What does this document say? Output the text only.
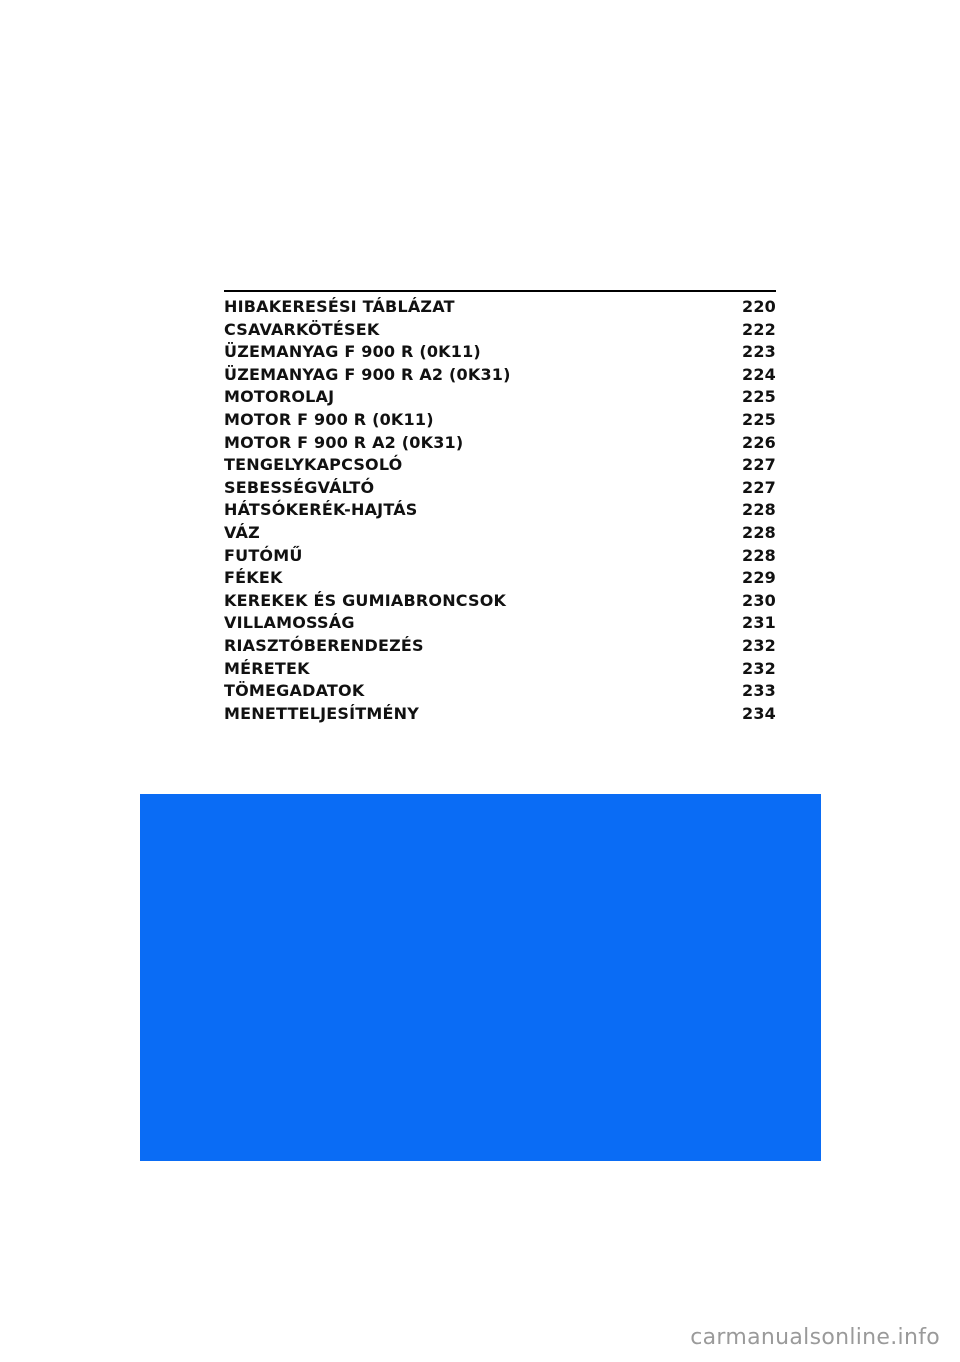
HIBAKERESÉSI TÁBLÁZAT	220
CSAVARKÖTÉSEK	222
ÜZEMANYAG F 900 R (0K11)	223
ÜZEMANYAG F 900 R A2 (0K31)	224
MOTOROLAJ	225
MOTOR F 900 R (0K11)	225
MOTOR F 900 R A2 (0K31)	226
TENGELYKAPCSOLÓ	227
SEBESSÉGVÁLTÓ	227
HÁTSÓKERÉK-HAJTÁS	228
VÁZ	228
FUTÓMŰ	228
FÉKEK	229
KEREKEK ÉS GUMIABRONCSOK	230
VILLAMOSSÁG	231
RIASZTÓBERENDEZÉS	232
MÉRETEK	232
TÖMEGADATOK	233
MENETTELJESÍTMÉNY	234
carmanualsonline.info
